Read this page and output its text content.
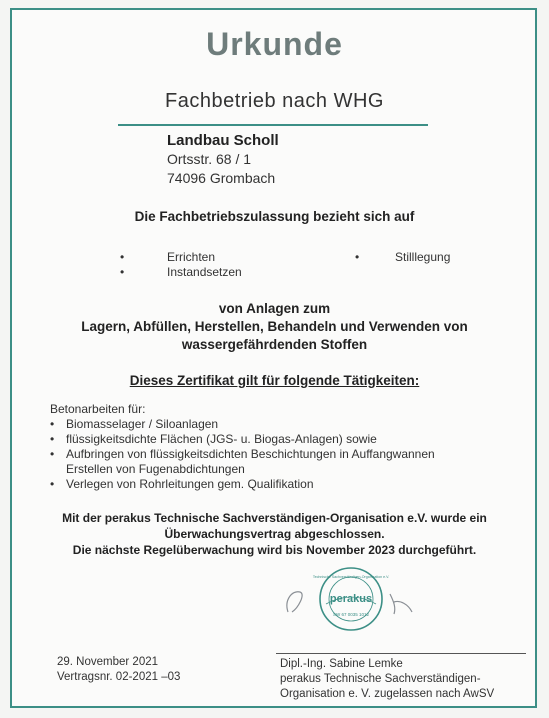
Urkunde
Fachbetrieb nach WHG
Landbau Scholl
Ortsstr. 68 / 1
74096 Grombach
Die Fachbetriebszulassung bezieht sich auf
•	Errichten
•	Instandsetzen
•	Stilllegung
von Anlagen zum
Lagern, Abfüllen, Herstellen, Behandeln und Verwenden von
wassergefährdenden Stoffen
Dieses Zertifikat gilt für folgende Tätigkeiten:
Betonarbeiten für:
• Biomasselager / Siloanlagen
• flüssigkeitsdichte Flächen (JGS- u. Biogas-Anlagen) sowie
• Aufbringen von flüssigkeitsdichten Beschichtungen in Auffangwannen
Erstellen von Fugenabdichtungen
• Verlegen von Rohrleitungen gem. Qualifikation
Mit der perakus Technische Sachverständigen-Organisation e.V. wurde ein
Überwachungsvertrag abgeschlossen.
Die nächste Regelüberwachung wird bis November 2023 durchgeführt.
perakus
SW 67 0035 1012
Technische Sachverständigen-Organisation e.V.
29. November 2021
Vertragsnr. 02-2021 –03
Dipl.-Ing. Sabine Lemke
perakus Technische Sachverständigen-
Organisation e. V. zugelassen nach AwSV
